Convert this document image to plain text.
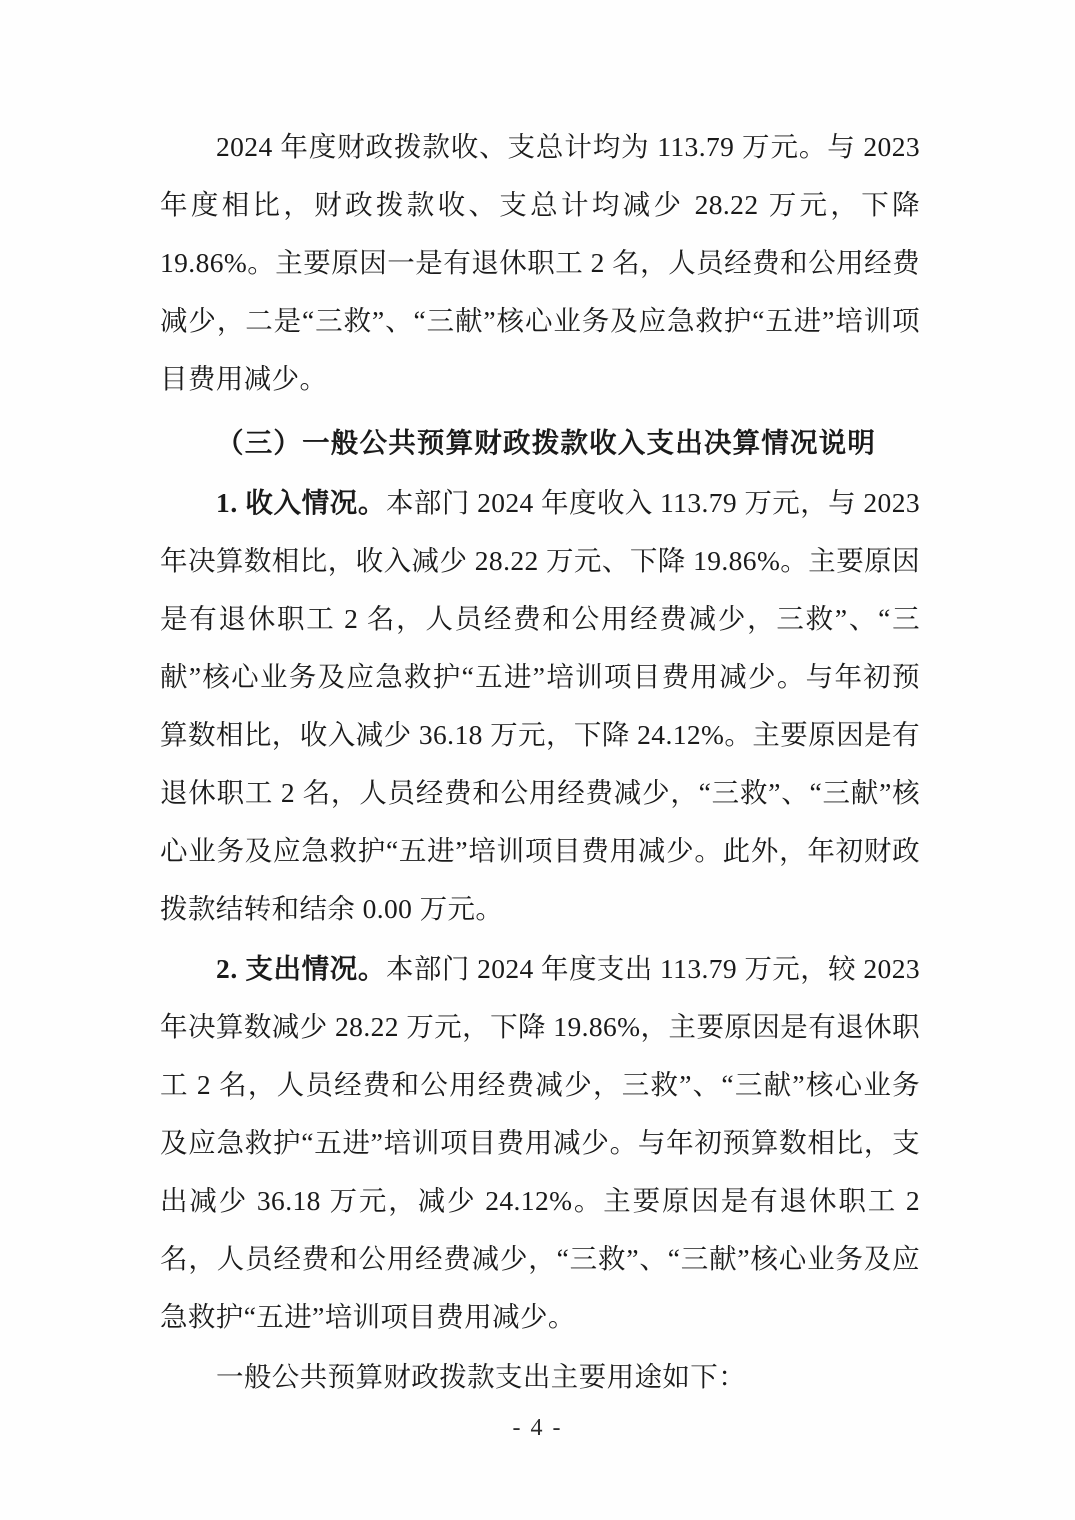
2024 年度财政拨款收、支总计均为 113.79 万元。与 2023 年度相比，财政拨款收、支总计均减少 28.22 万元，下降 19.86%。主要原因一是有退休职工 2 名，人员经费和公用经费减少，二是“三救”、“三献”核心业务及应急救护“五进”培训项目费用减少。

（三）一般公共预算财政拨款收入支出决算情况说明

1. 收入情况。本部门 2024 年度收入 113.79 万元，与 2023 年决算数相比，收入减少 28.22 万元、下降 19.86%。主要原因是有退休职工 2 名，人员经费和公用经费减少，三救”、“三献”核心业务及应急救护“五进”培训项目费用减少。与年初预算数相比，收入减少 36.18 万元，下降 24.12%。主要原因是有退休职工 2 名，人员经费和公用经费减少，“三救”、“三献”核心业务及应急救护“五进”培训项目费用减少。此外，年初财政拨款结转和结余 0.00 万元。

2. 支出情况。本部门 2024 年度支出 113.79 万元，较 2023 年决算数减少 28.22 万元，下降 19.86%，主要原因是有退休职工 2 名，人员经费和公用经费减少，三救”、“三献”核心业务及应急救护“五进”培训项目费用减少。与年初预算数相比，支出减少 36.18 万元，减少 24.12%。主要原因是有退休职工 2 名，人员经费和公用经费减少，“三救”、“三献”核心业务及应急救护“五进”培训项目费用减少。

一般公共预算财政拨款支出主要用途如下：

- 4 -
